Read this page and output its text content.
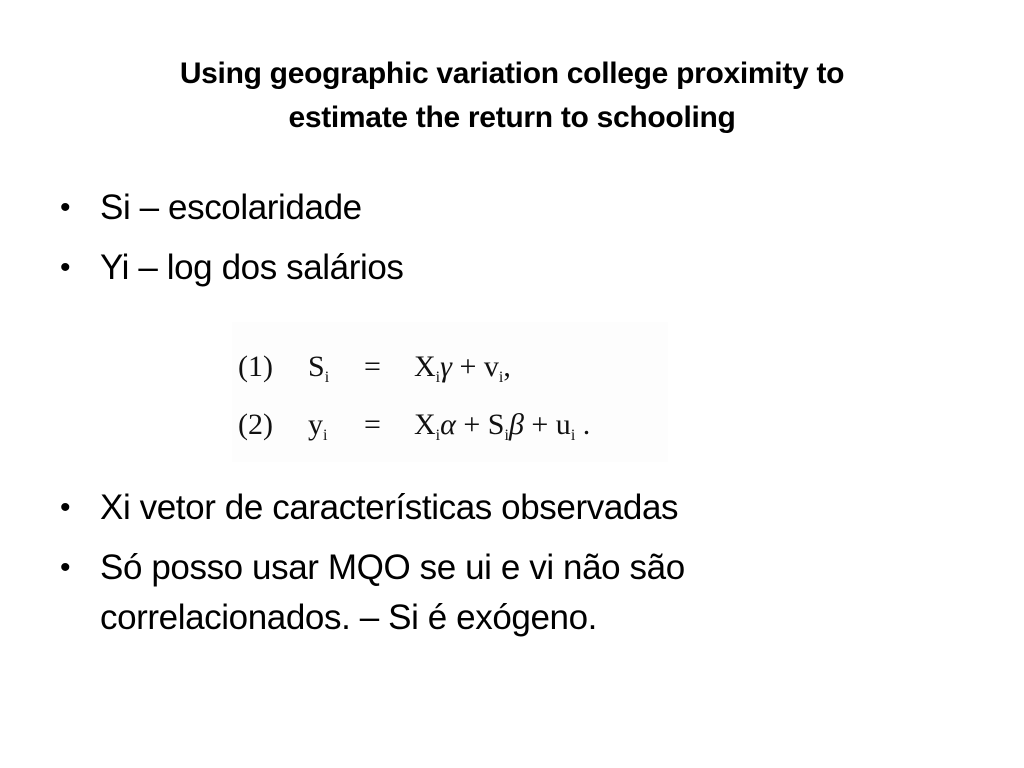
Using geographic variation college proximity to
estimate the return to schooling
• Si – escolaridade
• Yi – log dos salários
(1) $S_i = X_i\gamma + v_i$,
(2) $y_i = X_i\alpha + S_i\beta + u_i$ .
• Xi vetor de características observadas
• Só posso usar MQO se ui e vi não são
correlacionados. – Si é exógeno.
